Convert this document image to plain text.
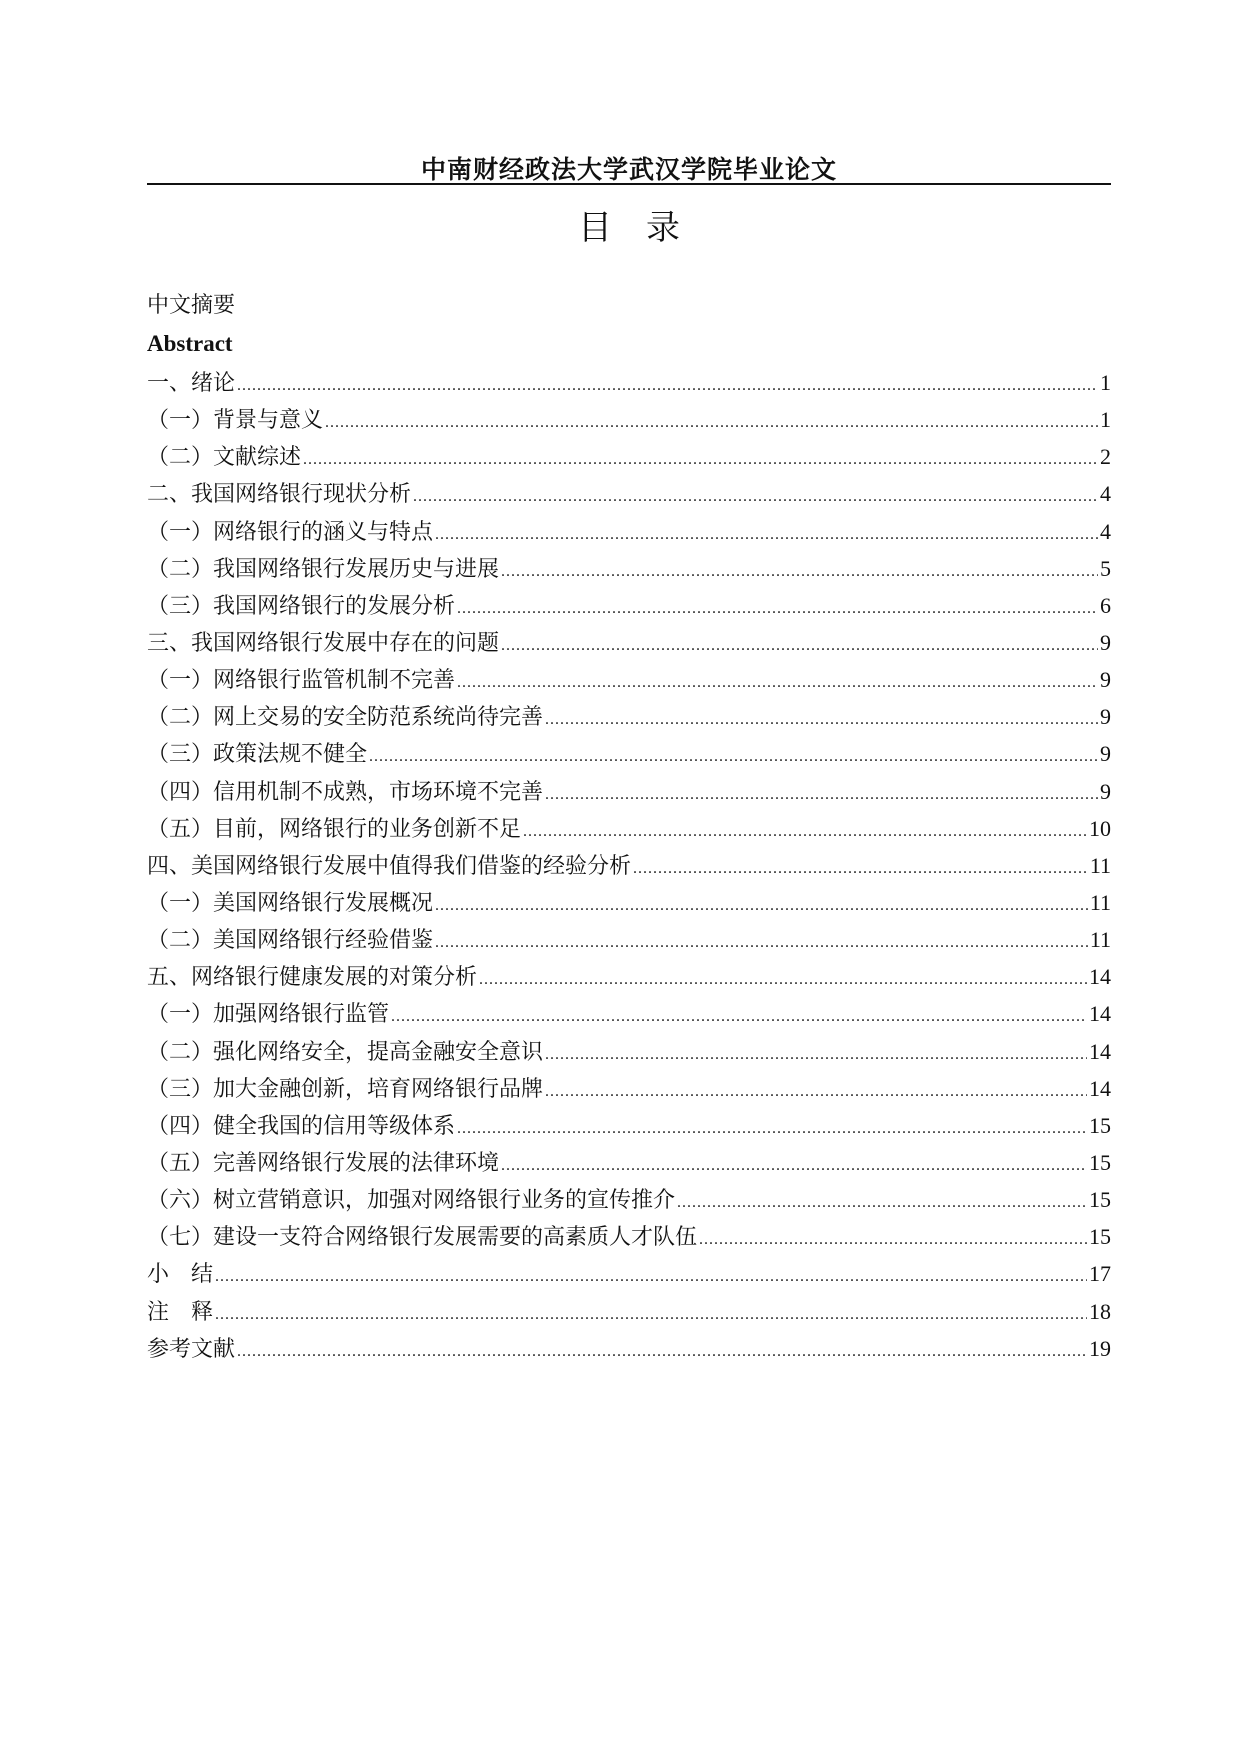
中南财经政法大学武汉学院毕业论文
目录
中文摘要
Abstract
一、绪论 .....	1
（一）背景与意义 .....	1
（二）文献综述 .....	2
二、我国网络银行现状分析 .....	4
（一）网络银行的涵义与特点 .....	4
（二）我国网络银行发展历史与进展 .....	5
（三）我国网络银行的发展分析 .....	6
三、我国网络银行发展中存在的问题 .....	9
（一）网络银行监管机制不完善 .....	9
（二）网上交易的安全防范系统尚待完善 .....	9
（三）政策法规不健全 .....	9
（四）信用机制不成熟，市场环境不完善 .....	9
（五）目前，网络银行的业务创新不足 .....	10
四、美国网络银行发展中值得我们借鉴的经验分析 .....	11
（一）美国网络银行发展概况 .....	11
（二）美国网络银行经验借鉴 .....	11
五、网络银行健康发展的对策分析 .....	14
（一）加强网络银行监管 .....	14
（二）强化网络安全，提高金融安全意识 .....	14
（三）加大金融创新，培育网络银行品牌 .....	14
（四）健全我国的信用等级体系 .....	15
（五）完善网络银行发展的法律环境 .....	15
（六）树立营销意识，加强对网络银行业务的宣传推介 .....	15
（七）建设一支符合网络银行发展需要的高素质人才队伍 .....	15
小　结 .....	17
注　释 .....	18
参考文献 .....	19
